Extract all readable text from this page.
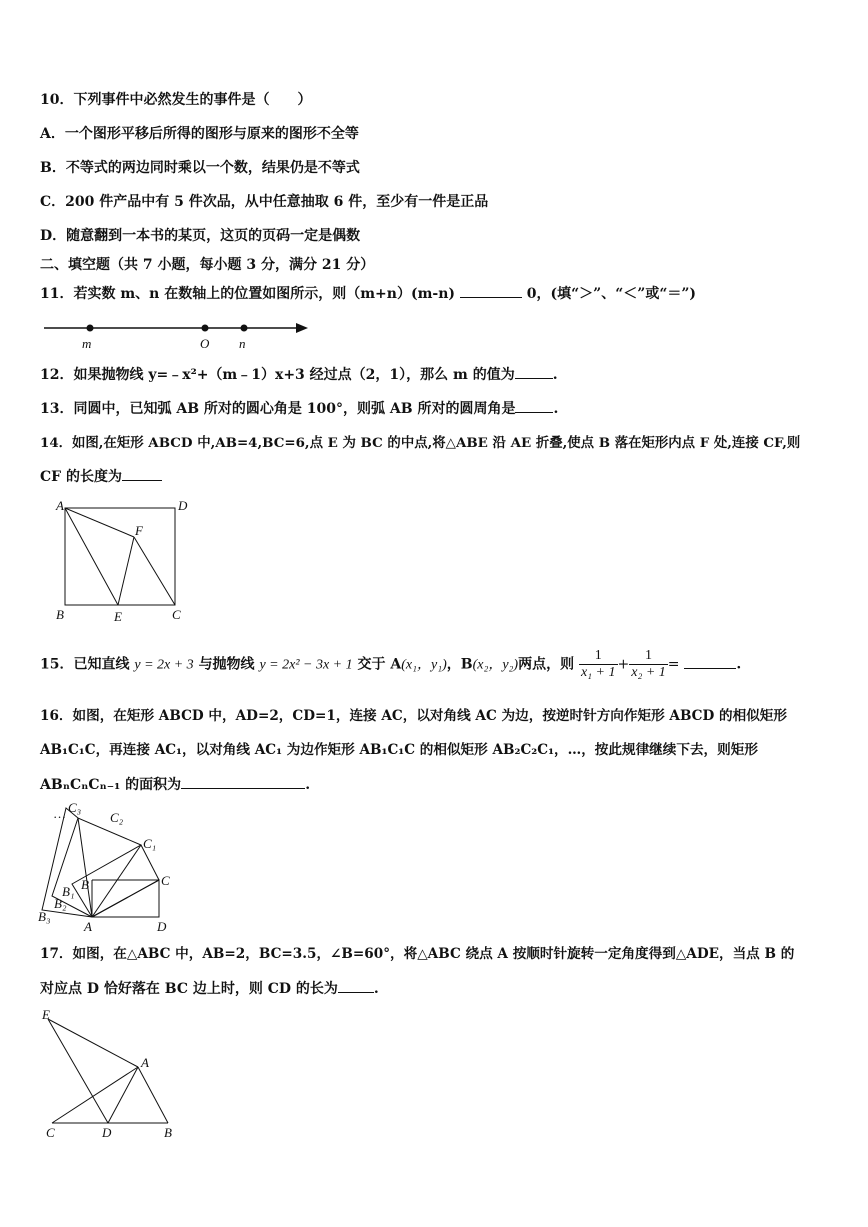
10．下列事件中必然发生的事件是（　　）
A．一个图形平移后所得的图形与原来的图形不全等
B．不等式的两边同时乘以一个数，结果仍是不等式
C．200 件产品中有 5 件次品，从中任意抽取 6 件，至少有一件是正品
D．随意翻到一本书的某页，这页的页码一定是偶数
二、填空题（共 7 小题，每小题 3 分，满分 21 分）
11．若实数 m、n 在数轴上的位置如图所示，则（m+n）(m-n)	0，(填“＞”、“＜”或“＝”)
m	O n
12．如果抛物线 y=﹣x²+（m﹣1）x+3 经过点（2，1），那么 m 的值为	.
13．同圆中，已知弧 AB 所对的圆心角是 100°，则弧 AB 所对的圆周角是	.
14．如图,在矩形 ABCD 中,AB=4,BC=6,点 E 为 BC 的中点,将△ABE 沿 AE 折叠,使点 B 落在矩形内点 F 处,连接 CF,则
CF 的长度为
A	D
F
B	E	C
15．已知直线 y = 2x + 3 与抛物线 y = 2x² − 3x + 1 交于 A(x₁，y₁)，B(x₂，y₂)两点，则 $\frac{1}{\text{x₁ + 1}} + \frac{1}{\text{x₂ + 1}}$ =	.
16．如图，在矩形 ABCD 中，AD=2，CD=1，连接 AC，以对角线 AC 为边，按逆时针方向作矩形 ABCD 的相似矩形
AB₁C₁C，再连接 AC₁，以对角线 AC₁ 为边作矩形 AB₁C₁C 的相似矩形 AB₂C₂C₁，…，按此规律继续下去，则矩形
ABₙCₙCₙ₋₁ 的面积为	.
… C₃
C₂
C₁
C
B
B₁
B₂
B₃
A	D
17．如图，在△ABC 中，AB=2，BC=3.5，∠B=60°，将△ABC 绕点 A 按顺时针旋转一定角度得到△ADE，当点 B 的
对应点 D 恰好落在 BC 边上时，则 CD 的长为	.
E
A
C	D	B
